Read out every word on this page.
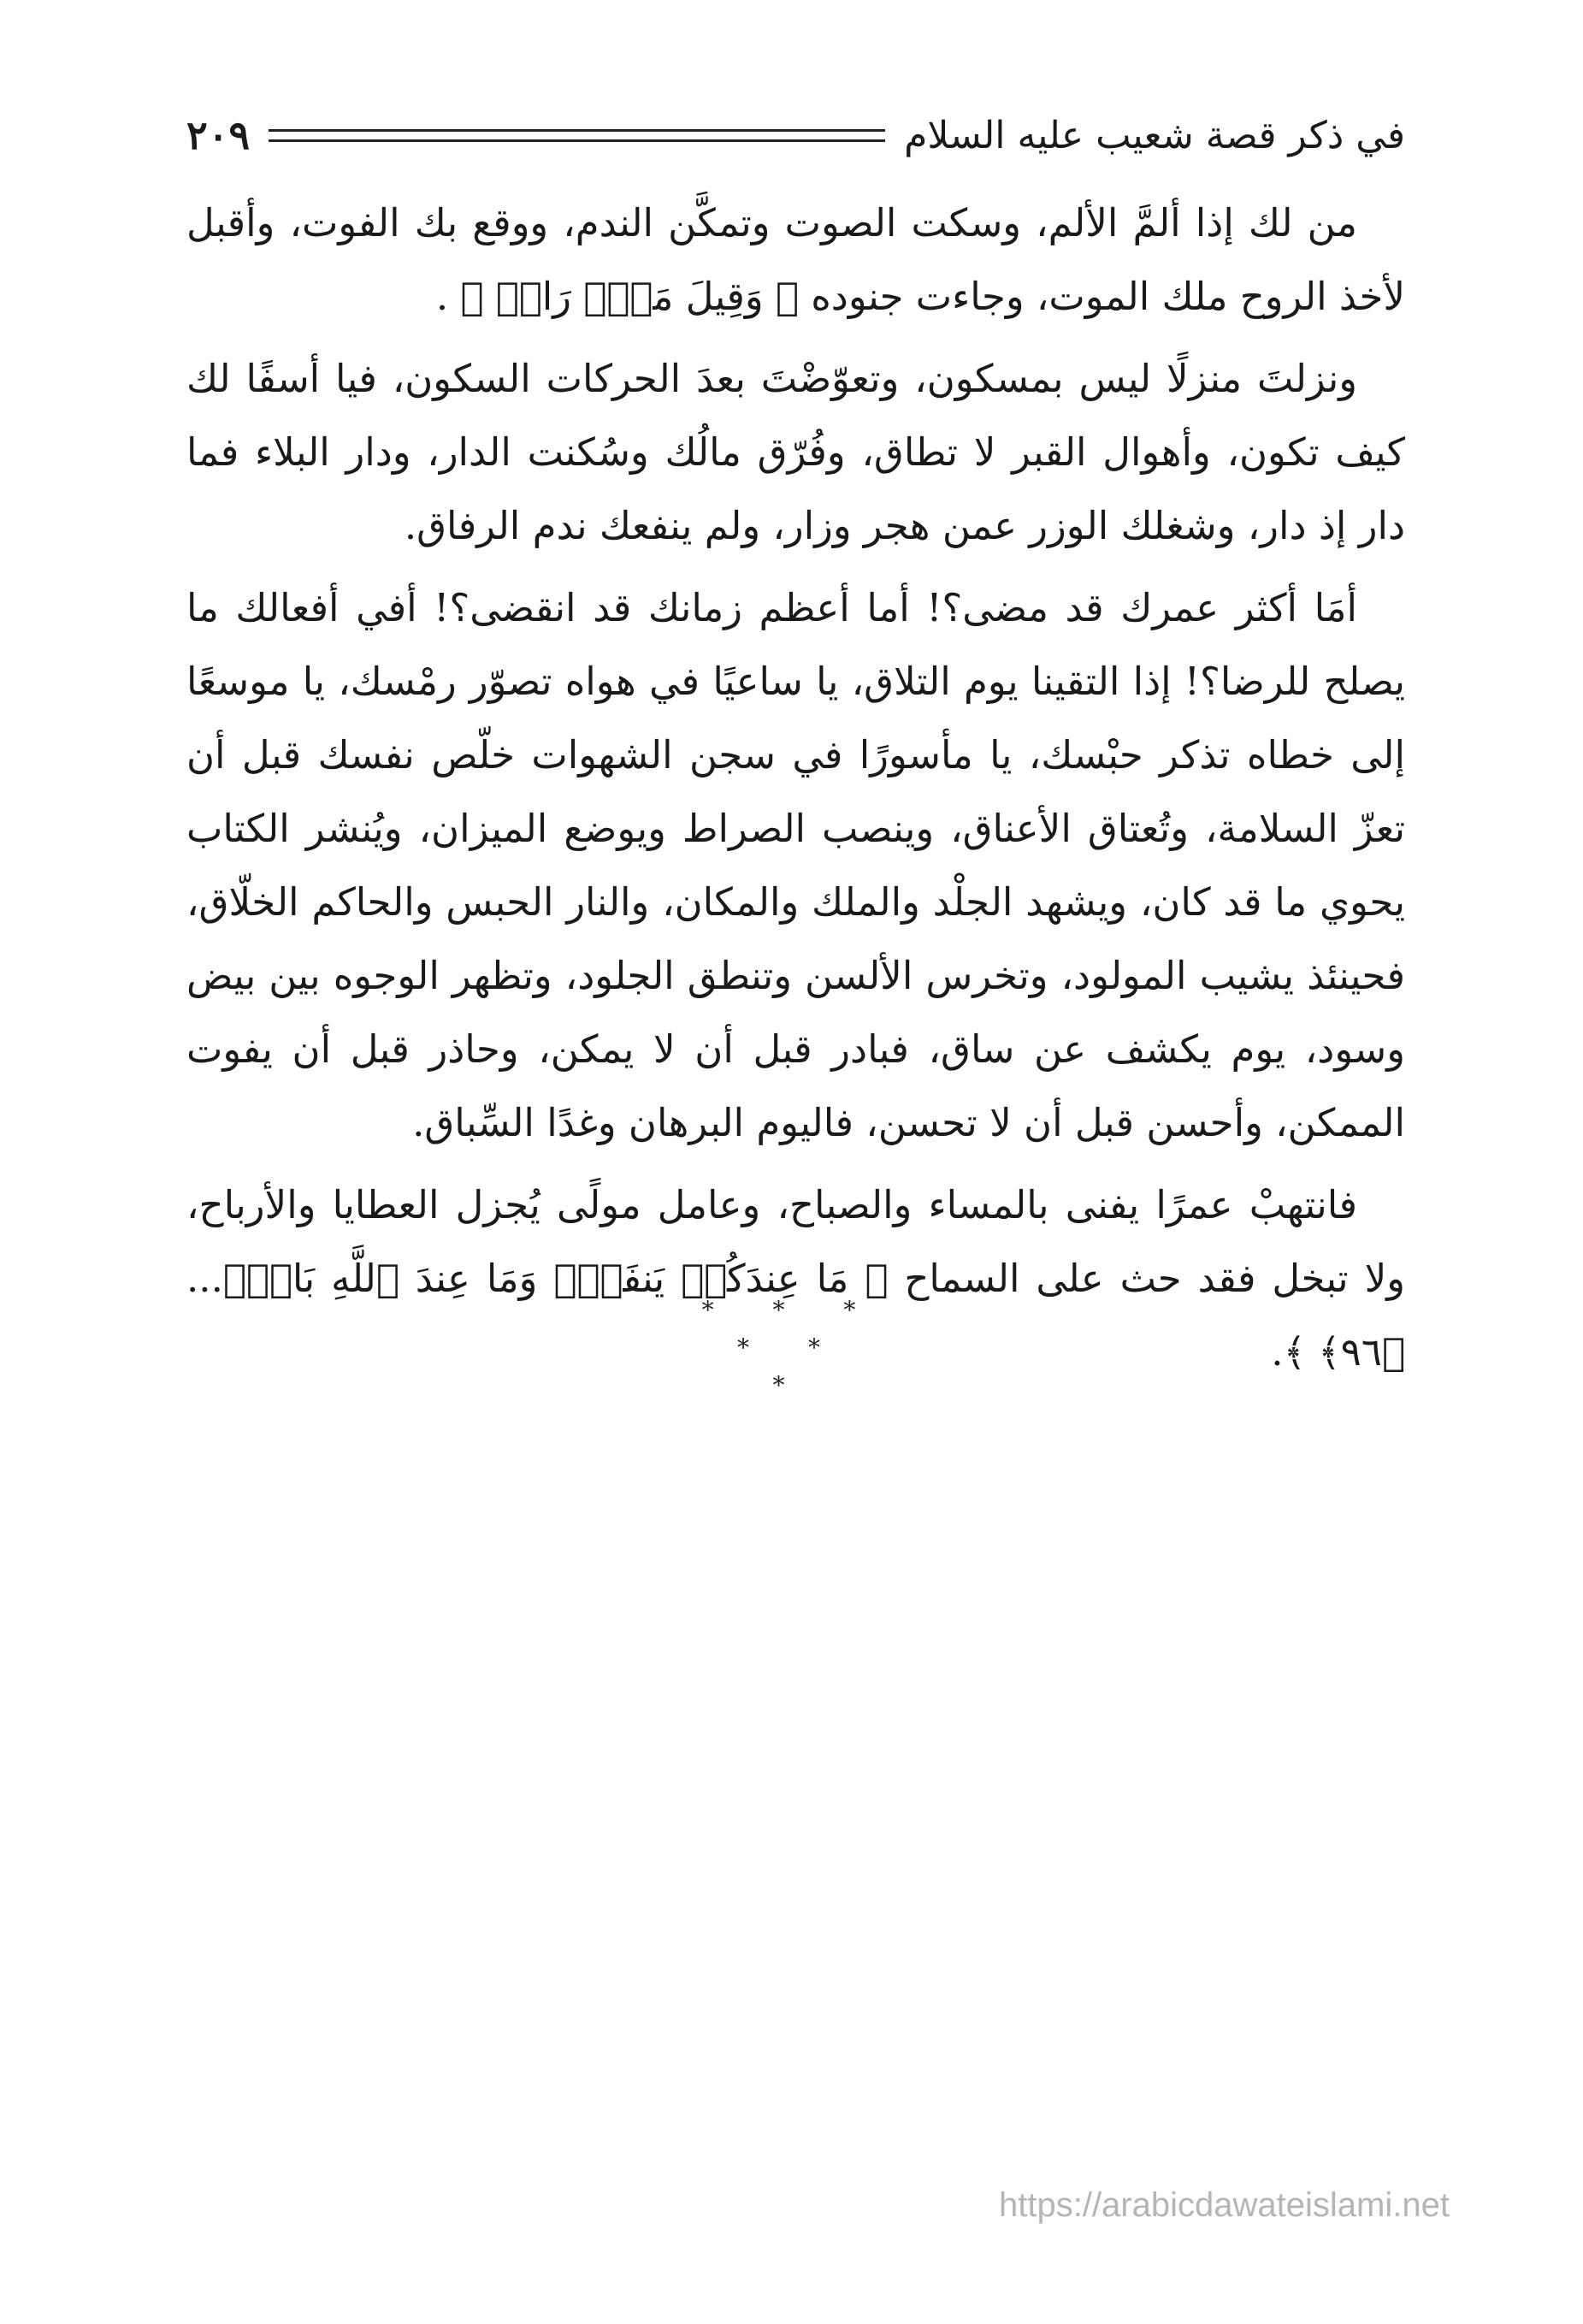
في ذكر قصة شعيب عليه السلام
٢٠٩

من لك إذا ألمَّ الألم، وسكت الصوت وتمكَّن الندم، ووقع بك الفوت، وأقبل لأخذ الروح ملك الموت، وجاءت جنوده ﴿ وَقِيلَ مَنۡۜ رَاقٖ ﴾ .

ونزلتَ منزلًا ليس بمسكون، وتعوّضْتَ بعدَ الحركات السكون، فيا أسفًا لك كيف تكون، وأهوال القبر لا تطاق، وفُرّق مالُك وسُكنت الدار، ودار البلاء فما دار إذ دار، وشغلك الوزر عمن هجر وزار، ولم ينفعك ندم الرفاق.

أمَا أكثر عمرك قد مضى؟! أما أعظم زمانك قد انقضى؟! أفي أفعالك ما يصلح للرضا؟! إذا التقينا يوم التلاق، يا ساعيًا في هواه تصوّر رمْسك، يا موسعًا إلى خطاه تذكر حبْسك، يا مأسورًا في سجن الشهوات خلّص نفسك قبل أن تعزّ السلامة، وتُعتاق الأعناق، وينصب الصراط ويوضع الميزان، ويُنشر الكتاب يحوي ما قد كان، ويشهد الجلْد والملك والمكان، والنار الحبس والحاكم الخلّاق، فحينئذ يشيب المولود، وتخرس الألسن وتنطق الجلود، وتظهر الوجوه بين بيض وسود، يوم يكشف عن ساق، فبادر قبل أن لا يمكن، وحاذر قبل أن يفوت الممكن، وأحسن قبل أن لا تحسن، فاليوم البرهان وغدًا السِّباق.

فانتهبْ عمرًا يفنى بالمساء والصباح، وعامل مولًى يُجزل العطايا والأرباح، ولا تبخل فقد حث على السماح ﴿ مَا عِندَكُمۡ يَنفَدُۖ وَمَا عِندَ ٱللَّهِ بَاقٖۗ... ﴿٩٦﴾ ﴾.

* * *
* *
*
https://arabicdawateislami.net
